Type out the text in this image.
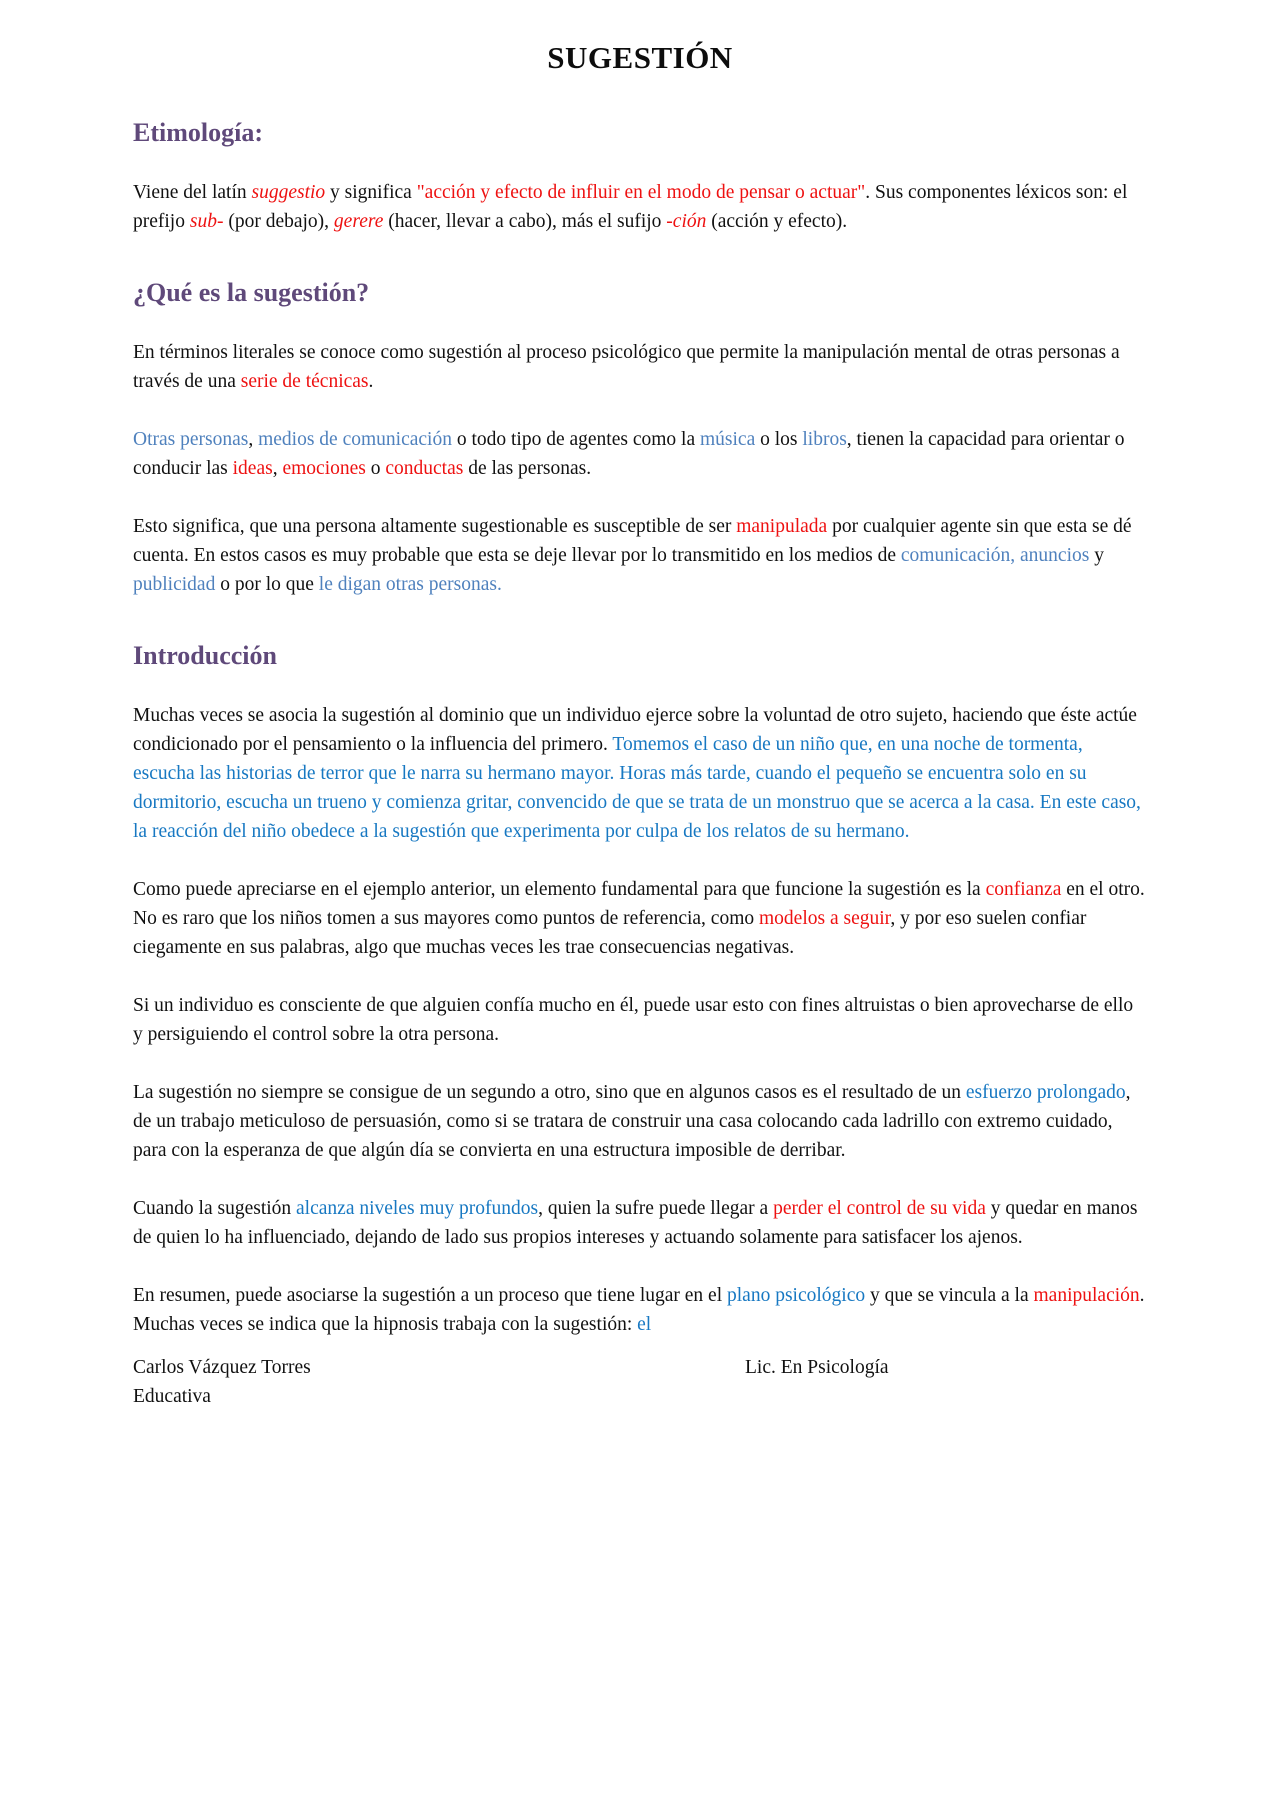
SUGESTIÓN
Etimología:

Viene del latín suggestio y significa "acción y efecto de influir en el modo de pensar o actuar". Sus componentes léxicos son: el prefijo sub- (por debajo), gerere (hacer, llevar a cabo), más el sufijo -ción (acción y efecto).

¿Qué es la sugestión?

En términos literales se conoce como sugestión al proceso psicológico que permite la manipulación mental de otras personas a través de una serie de técnicas.

Otras personas, medios de comunicación o todo tipo de agentes como la música o los libros, tienen la capacidad para orientar o conducir las ideas, emociones o conductas de las personas.

Esto significa, que una persona altamente sugestionable es susceptible de ser manipulada por cualquier agente sin que esta se dé cuenta. En estos casos es muy probable que esta se deje llevar por lo transmitido en los medios de comunicación, anuncios y publicidad o por lo que le digan otras personas.

Introducción

Muchas veces se asocia la sugestión al dominio que un individuo ejerce sobre la voluntad de otro sujeto, haciendo que éste actúe condicionado por el pensamiento o la influencia del primero. Tomemos el caso de un niño que, en una noche de tormenta, escucha las historias de terror que le narra su hermano mayor. Horas más tarde, cuando el pequeño se encuentra solo en su dormitorio, escucha un trueno y comienza gritar, convencido de que se trata de un monstruo que se acerca a la casa. En este caso, la reacción del niño obedece a la sugestión que experimenta por culpa de los relatos de su hermano.

Como puede apreciarse en el ejemplo anterior, un elemento fundamental para que funcione la sugestión es la confianza en el otro. No es raro que los niños tomen a sus mayores como puntos de referencia, como modelos a seguir, y por eso suelen confiar ciegamente en sus palabras, algo que muchas veces les trae consecuencias negativas.

Si un individuo es consciente de que alguien confía mucho en él, puede usar esto con fines altruistas o bien aprovecharse de ello y persiguiendo el control sobre la otra persona.

La sugestión no siempre se consigue de un segundo a otro, sino que en algunos casos es el resultado de un esfuerzo prolongado, de un trabajo meticuloso de persuasión, como si se tratara de construir una casa colocando cada ladrillo con extremo cuidado, para con la esperanza de que algún día se convierta en una estructura imposible de derribar.

Cuando la sugestión alcanza niveles muy profundos, quien la sufre puede llegar a perder el control de su vida y quedar en manos de quien lo ha influenciado, dejando de lado sus propios intereses y actuando solamente para satisfacer los ajenos.

En resumen, puede asociarse la sugestión a un proceso que tiene lugar en el plano psicológico y que se vincula a la manipulación. Muchas veces se indica que la hipnosis trabaja con la sugestión: el

Carlos Vázquez Torres	Lic. En Psicología
Educativa
